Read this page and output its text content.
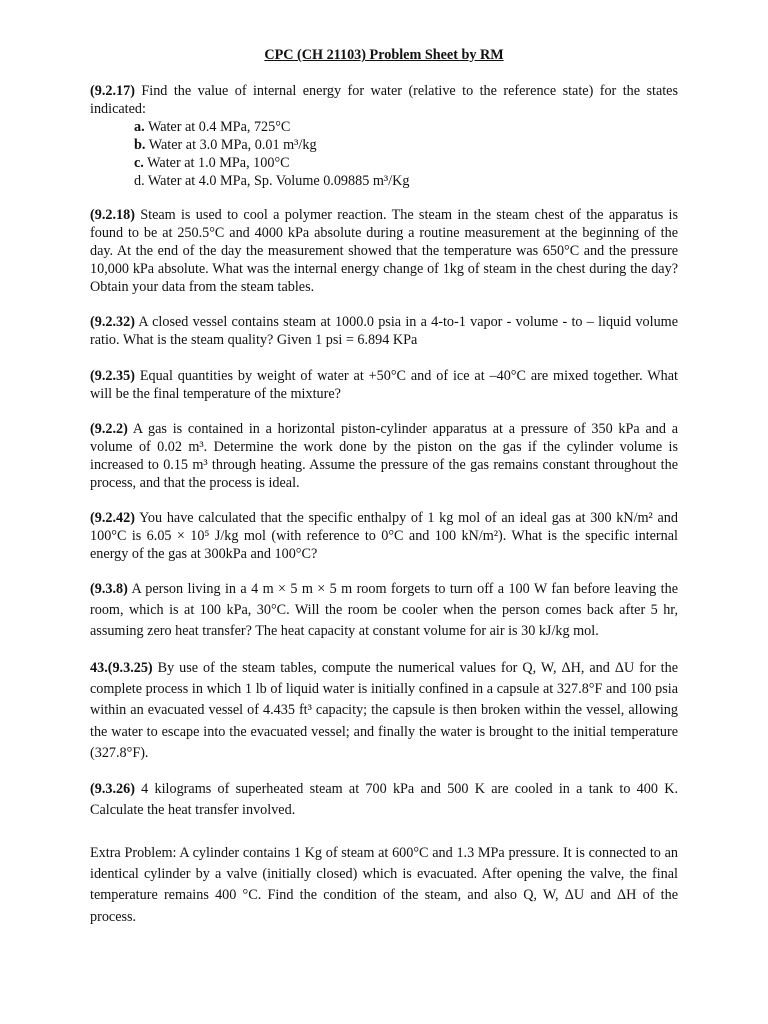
CPC (CH 21103) Problem Sheet by RM

(9.2.17) Find the value of internal energy for water (relative to the reference state) for the states indicated:

a. Water at 0.4 MPa, 725°C
b. Water at 3.0 MPa, 0.01 m³/kg
c. Water at 1.0 MPa, 100°C
d. Water at 4.0 MPa, Sp. Volume 0.09885 m³/Kg

(9.2.18) Steam is used to cool a polymer reaction. The steam in the steam chest of the apparatus is found to be at 250.5°C and 4000 kPa absolute during a routine measurement at the beginning of the day. At the end of the day the measurement showed that the temperature was 650°C and the pressure 10,000 kPa absolute. What was the internal energy change of 1kg of steam in the chest during the day? Obtain your data from the steam tables.

(9.2.32) A closed vessel contains steam at 1000.0 psia in a 4-to-1 vapor - volume - to – liquid volume ratio. What is the steam quality? Given 1 psi = 6.894 KPa

(9.2.35) Equal quantities by weight of water at +50°C and of ice at –40°C are mixed together. What will be the final temperature of the mixture?

(9.2.2) A gas is contained in a horizontal piston-cylinder apparatus at a pressure of 350 kPa and a volume of 0.02 m³. Determine the work done by the piston on the gas if the cylinder volume is increased to 0.15 m³ through heating. Assume the pressure of the gas remains constant throughout the process, and that the process is ideal.

(9.2.42) You have calculated that the specific enthalpy of 1 kg mol of an ideal gas at 300 kN/m² and 100°C is 6.05 × 10⁵ J/kg mol (with reference to 0°C and 100 kN/m²). What is the specific internal energy of the gas at 300kPa and 100°C?

(9.3.8) A person living in a 4 m × 5 m × 5 m room forgets to turn off a 100 W fan before leaving the room, which is at 100 kPa, 30°C. Will the room be cooler when the person comes back after 5 hr, assuming zero heat transfer? The heat capacity at constant volume for air is 30 kJ/kg mol.

43.(9.3.25) By use of the steam tables, compute the numerical values for Q, W, ΔH, and ΔU for the complete process in which 1 lb of liquid water is initially confined in a capsule at 327.8°F and 100 psia within an evacuated vessel of 4.435 ft³ capacity; the capsule is then broken within the vessel, allowing the water to escape into the evacuated vessel; and finally the water is brought to the initial temperature (327.8°F).

(9.3.26) 4 kilograms of superheated steam at 700 kPa and 500 K are cooled in a tank to 400 K. Calculate the heat transfer involved.

Extra Problem: A cylinder contains 1 Kg of steam at 600°C and 1.3 MPa pressure. It is connected to an identical cylinder by a valve (initially closed) which is evacuated. After opening the valve, the final temperature remains 400 °C. Find the condition of the steam, and also Q, W, ΔU and ΔH of the process.
